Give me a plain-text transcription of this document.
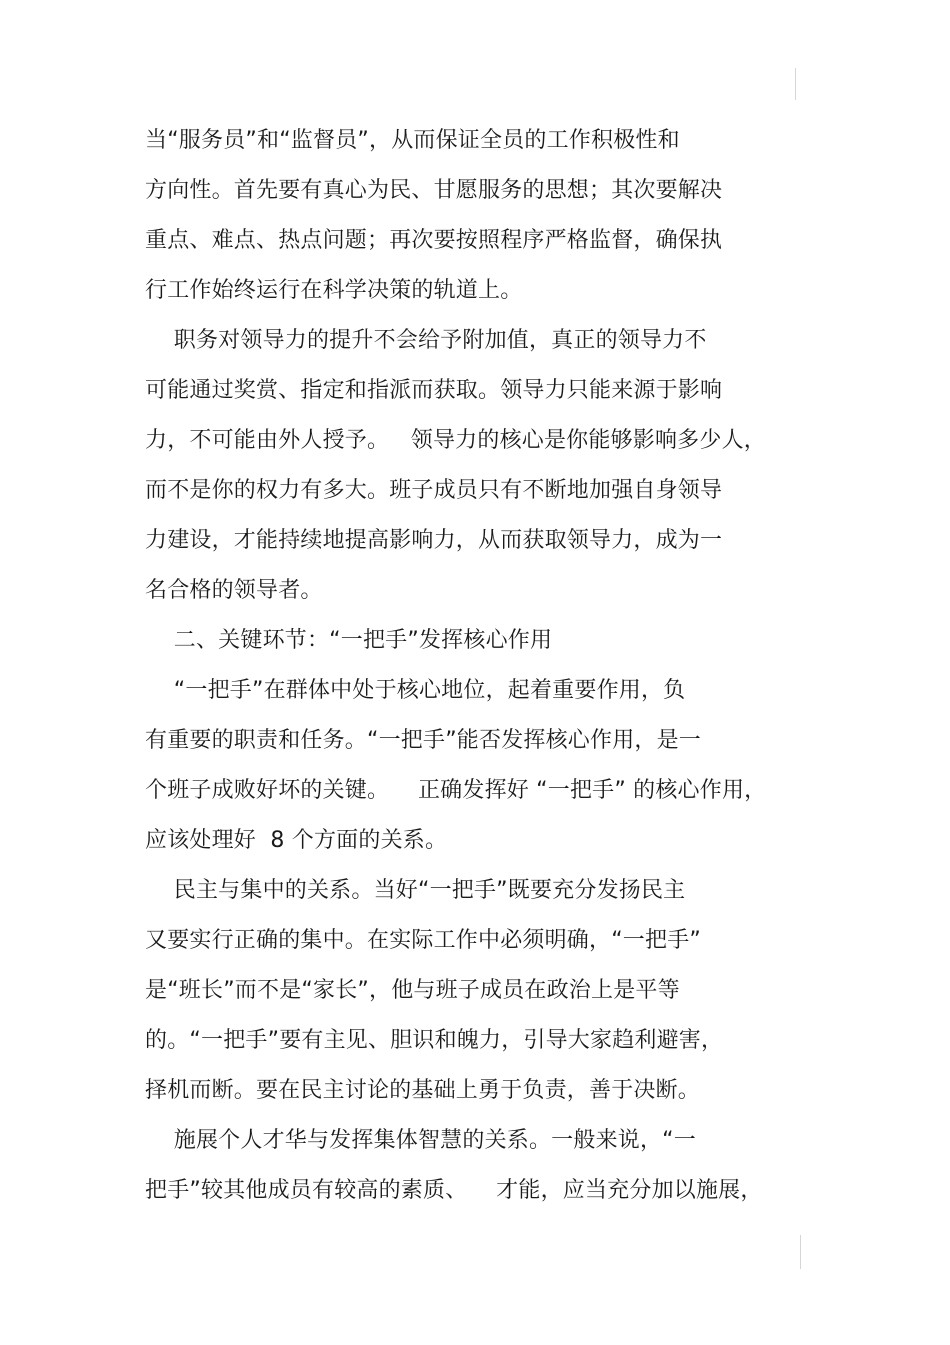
当“服务员”和“监督员”，从而保证全员的工作积极性和
方向性。首先要有真心为民、甘愿服务的思想；其次要解决
重点、难点、热点问题；再次要按照程序严格监督，确保执
行工作始终运行在科学决策的轨道上。
职务对领导力的提升不会给予附加值，真正的领导力不
可能通过奖赏、指定和指派而获取。领导力只能来源于影响
力，不可能由外人授予。   领导力的核心是你能够影响多少人，
而不是你的权力有多大。班子成员只有不断地加强自身领导
力建设，才能持续地提高影响力，从而获取领导力，成为一
名合格的领导者。
二、关键环节：“一把手”发挥核心作用
“一把手”在群体中处于核心地位，起着重要作用，负
有重要的职责和任务。“一把手”能否发挥核心作用，是一
个班子成败好坏的关键。    正确发挥好 “一把手” 的核心作用，
应该处理好  8 个方面的关系。
民主与集中的关系。当好“一把手”既要充分发扬民主
又要实行正确的集中。在实际工作中必须明确，“一把手”
是“班长”而不是“家长”，他与班子成员在政治上是平等
的。“一把手”要有主见、胆识和魄力，引导大家趋利避害，
择机而断。要在民主讨论的基础上勇于负责，善于决断。
施展个人才华与发挥集体智慧的关系。一般来说，“一
把手”较其他成员有较高的素质、    才能，应当充分加以施展，
